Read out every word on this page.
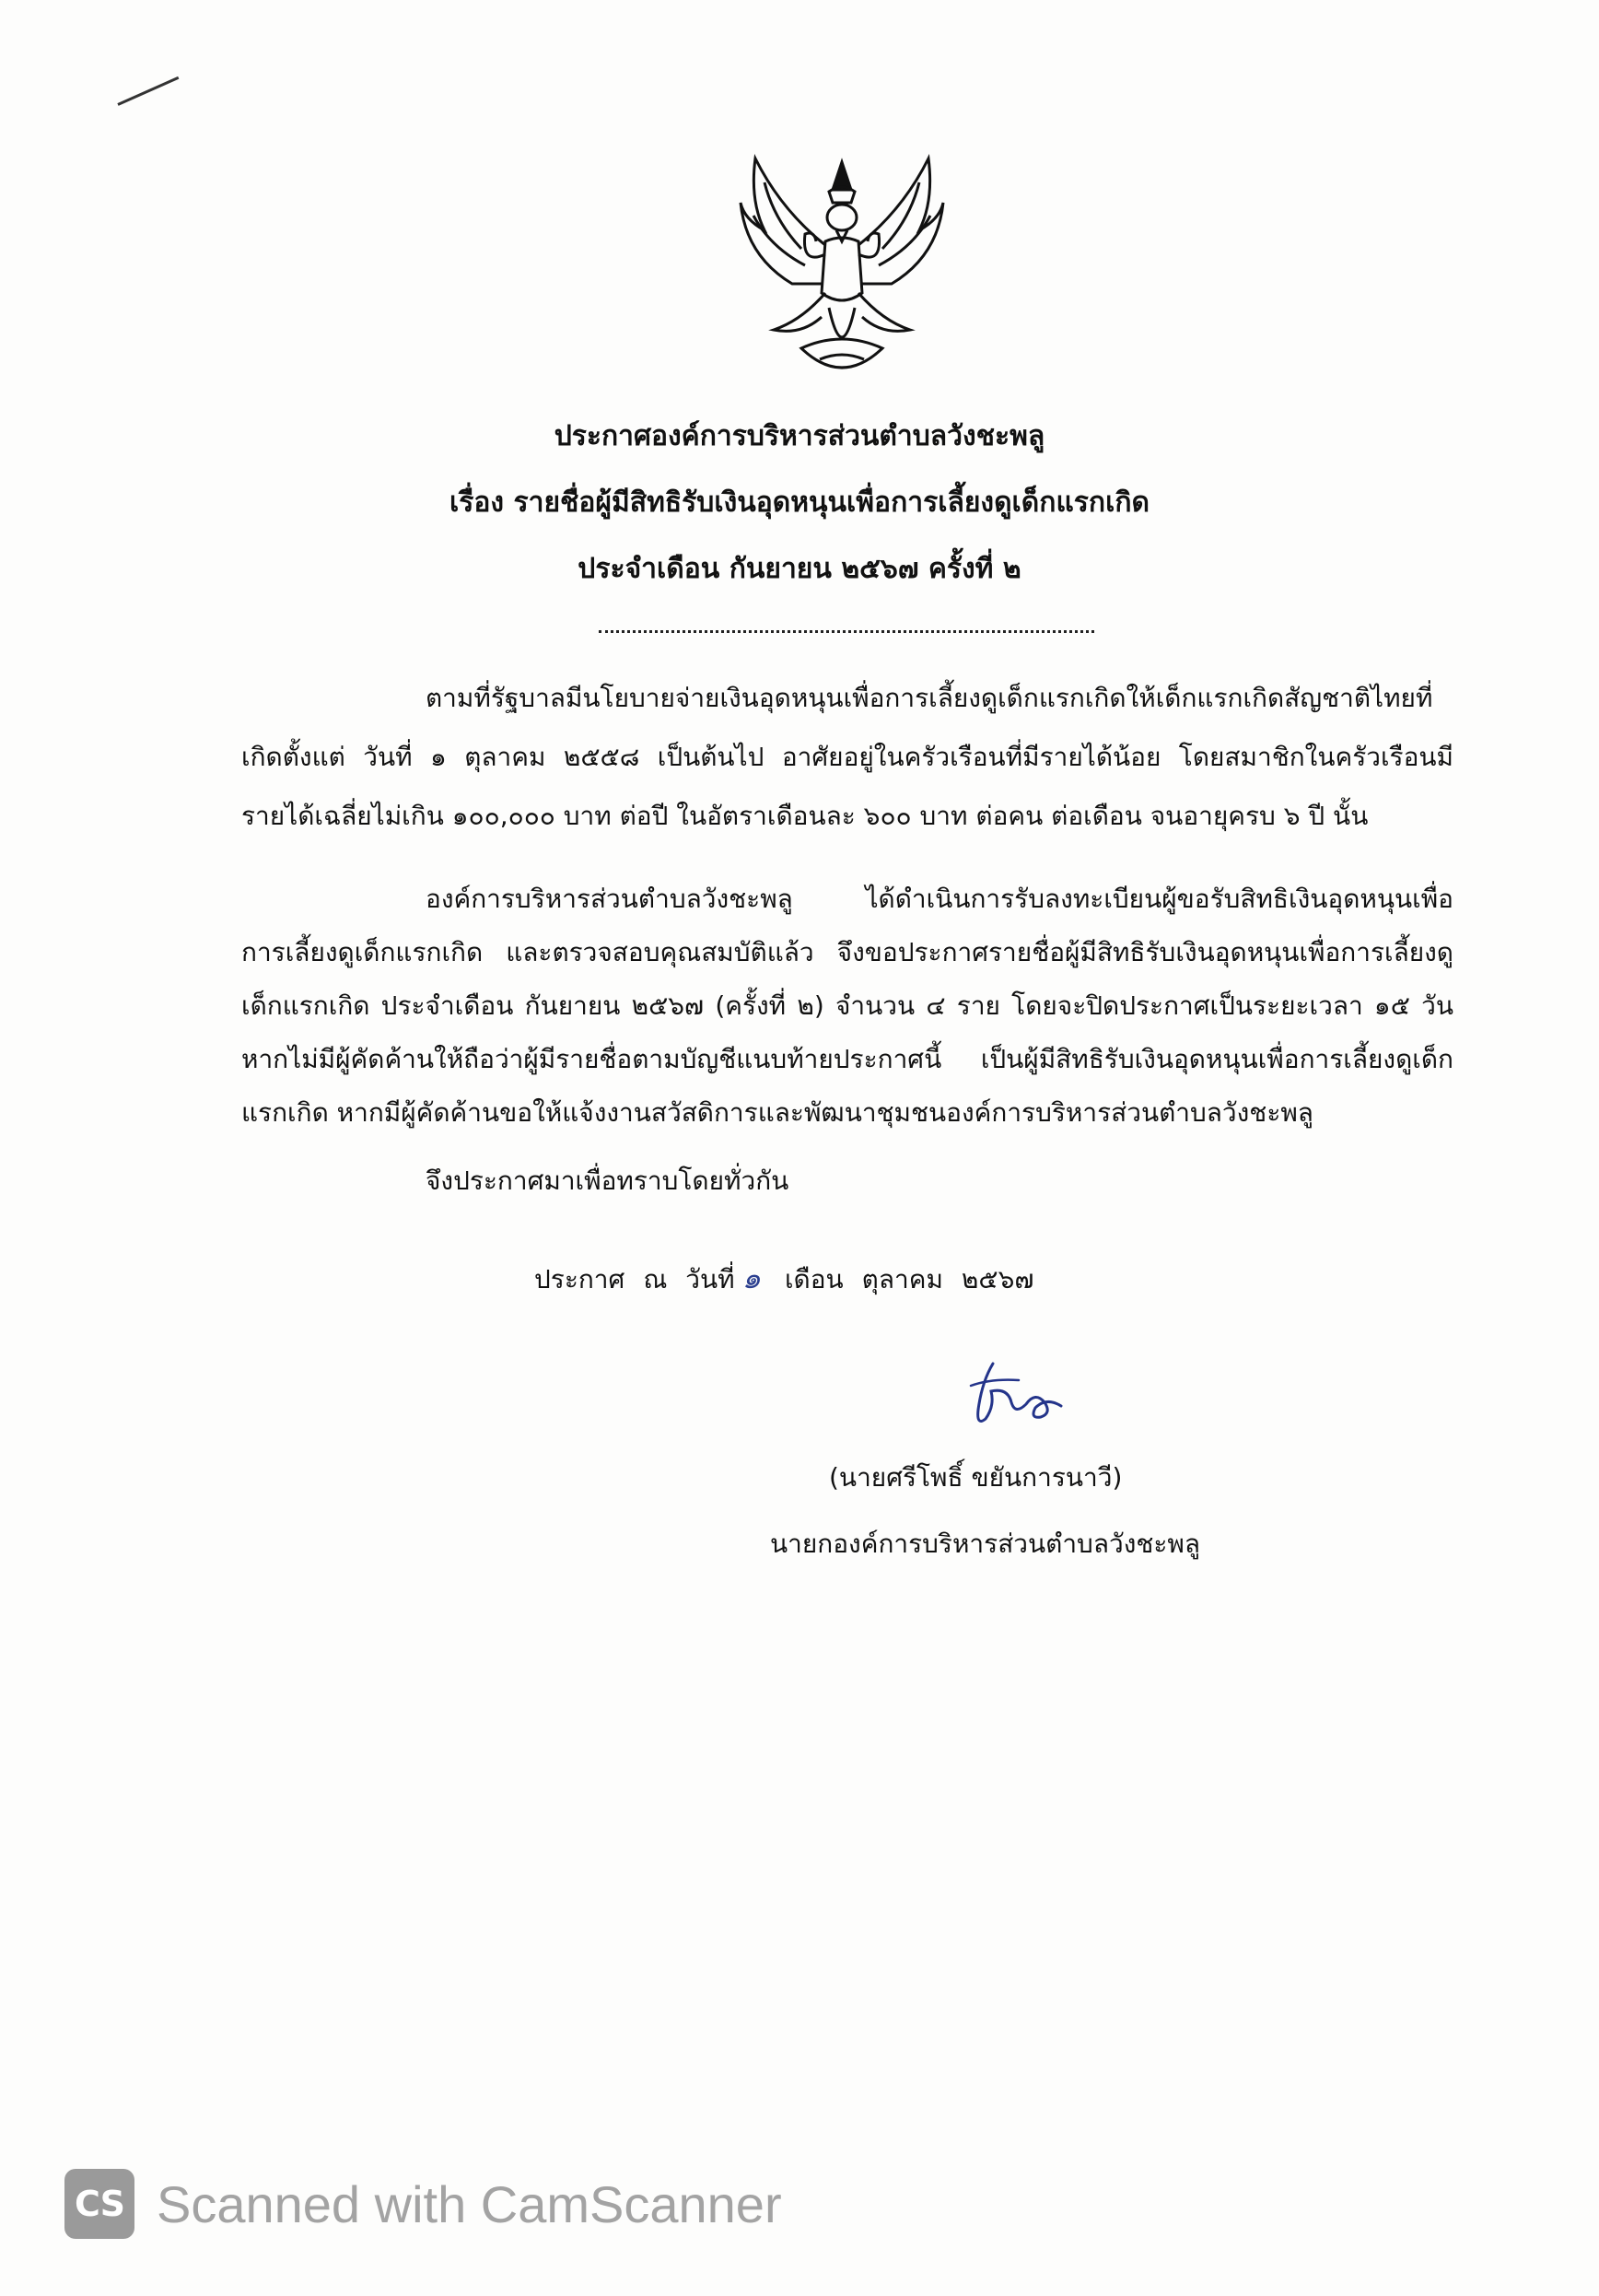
ประกาศองค์การบริหารส่วนตำบลวังชะพลู
เรื่อง รายชื่อผู้มีสิทธิรับเงินอุดหนุนเพื่อการเลี้ยงดูเด็กแรกเกิด
ประจำเดือน กันยายน ๒๕๖๗ ครั้งที่ ๒
ตามที่รัฐบาลมีนโยบายจ่ายเงินอุดหนุนเพื่อการเลี้ยงดูเด็กแรกเกิดให้เด็กแรกเกิดสัญชาติไทยที่
เกิดตั้งแต่ วันที่ ๑ ตุลาคม ๒๕๕๘ เป็นต้นไป อาศัยอยู่ในครัวเรือนที่มีรายได้น้อย โดยสมาชิกในครัวเรือนมี
รายได้เฉลี่ยไม่เกิน ๑๐๐,๐๐๐ บาท ต่อปี ในอัตราเดือนละ ๖๐๐ บาท ต่อคน ต่อเดือน จนอายุครบ ๖ ปี นั้น
องค์การบริหารส่วนตำบลวังชะพลู ได้ดำเนินการรับลงทะเบียนผู้ขอรับสิทธิเงินอุดหนุนเพื่อ
การเลี้ยงดูเด็กแรกเกิด และตรวจสอบคุณสมบัติแล้ว จึงขอประกาศรายชื่อผู้มีสิทธิรับเงินอุดหนุนเพื่อการเลี้ยงดู
เด็กแรกเกิด ประจำเดือน กันยายน ๒๕๖๗ (ครั้งที่ ๒) จำนวน ๔ ราย โดยจะปิดประกาศเป็นระยะเวลา ๑๕ วัน
หากไม่มีผู้คัดค้านให้ถือว่าผู้มีรายชื่อตามบัญชีแนบท้ายประกาศนี้ เป็นผู้มีสิทธิรับเงินอุดหนุนเพื่อการเลี้ยงดูเด็ก
แรกเกิด หากมีผู้คัดค้านขอให้แจ้งงานสวัสดิการและพัฒนาชุมชนองค์การบริหารส่วนตำบลวังชะพลู
จึงประกาศมาเพื่อทราบโดยทั่วกัน
ประกาศ ณ วันที่ ๑ เดือน ตุลาคม ๒๕๖๗
(นายศรีโพธิ์ ขยันการนาวี)
นายกองค์การบริหารส่วนตำบลวังชะพลู
CS Scanned with CamScanner
